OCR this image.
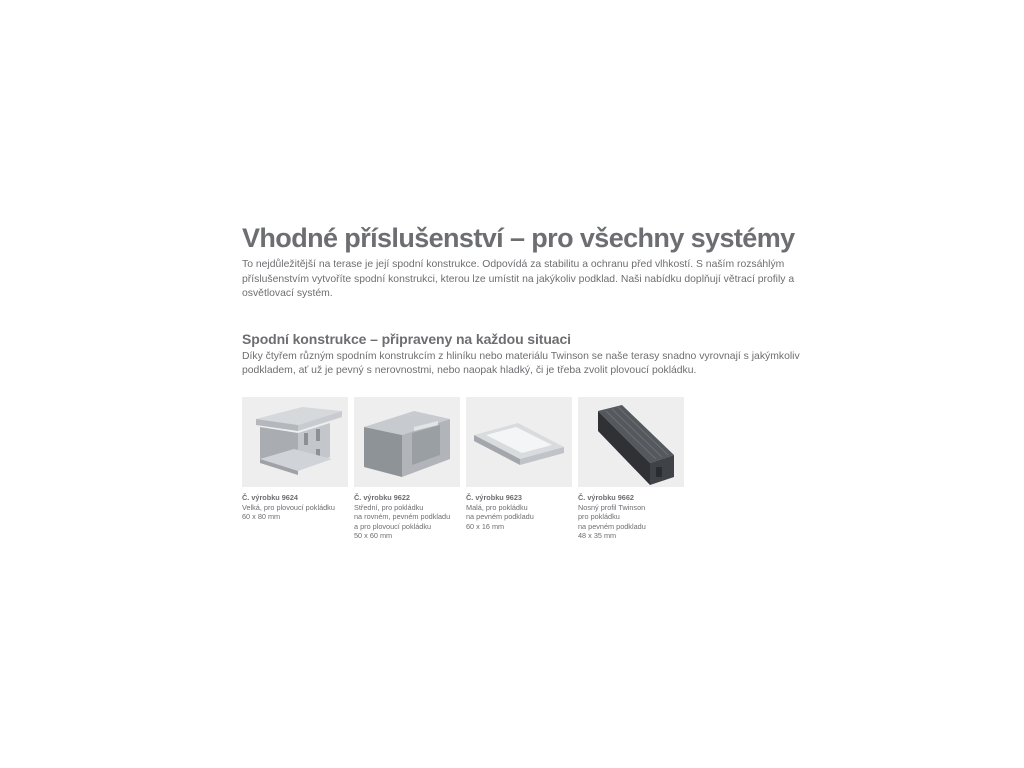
Vhodné příslušenství – pro všechny systémy

To nejdůležitější na terase je její spodní konstrukce. Odpovídá za stabilitu a ochranu před vlhkostí. S naším rozsáhlým příslušenstvím vytvoříte spodní konstrukci, kterou lze umístit na jakýkoliv podklad. Naši nabídku doplňují větrací profily a osvětlovací systém.

Spodní konstrukce – připraveny na každou situaci

Díky čtyřem různým spodním konstrukcím z hliníku nebo materiálu Twinson se naše terasy snadno vyrovnají s jakýmkoliv podkladem, ať už je pevný s nerovnostmi, nebo naopak hladký, či je třeba zvolit plovoucí pokládku.

Č. výrobku 9624
Velká, pro plovoucí pokládku
60 x 80 mm
Č. výrobku 9622
Střední, pro pokládku
na rovném, pevném podkladu
a pro plovoucí pokládku
50 x 60 mm
Č. výrobku 9623
Malá, pro pokládku
na pevném podkladu
60 x 16 mm
Č. výrobku 9662
Nosný profil Twinson
pro pokládku
na pevném podkladu
48 x 35 mm
